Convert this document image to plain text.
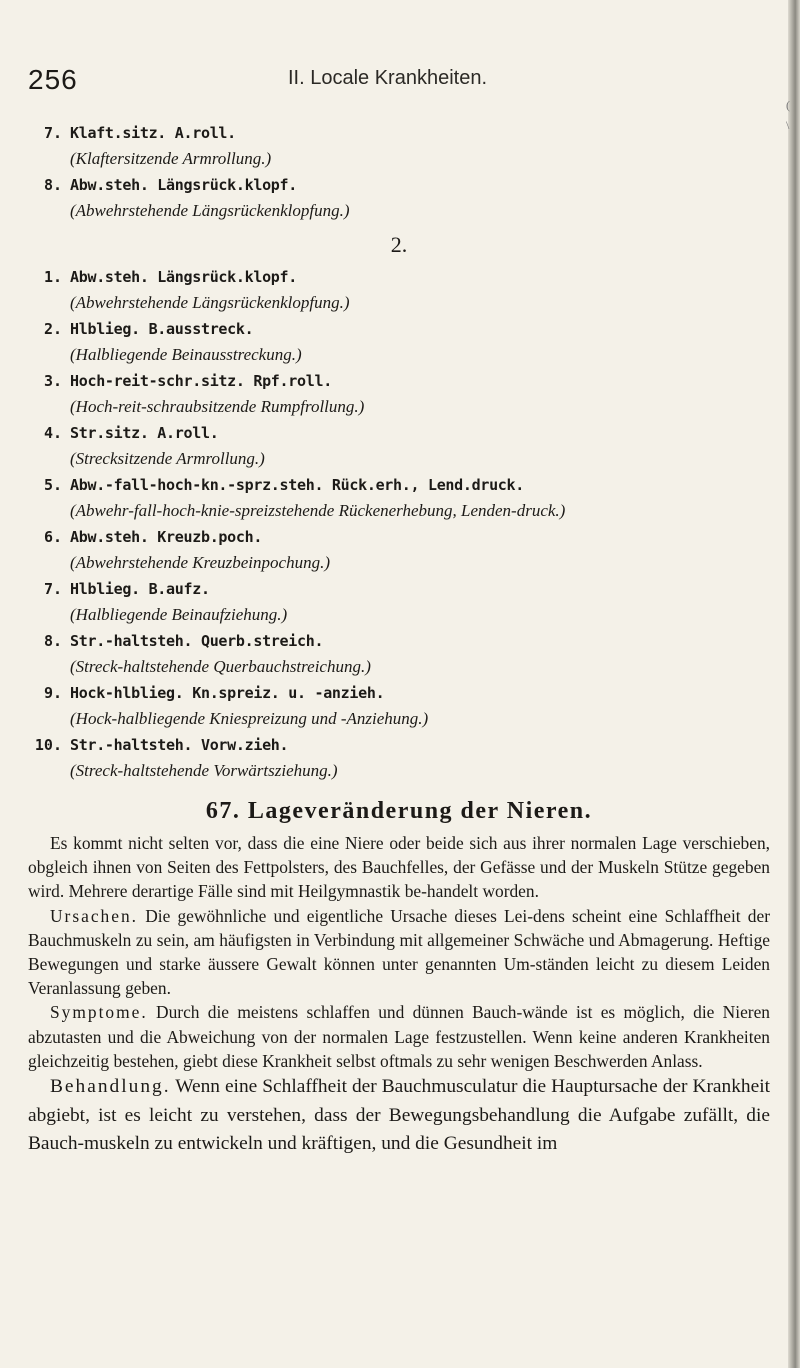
(
\
256	II. Locale Krankheiten.
7. Klaft.sitz. A.roll.
(Klaftersitzende Armrollung.)
8. Abw.steh. Längsrück.klopf.
(Abwehrstehende Längsrückenklopfung.)
2.
1. Abw.steh. Längsrück.klopf.
(Abwehrstehende Längsrückenklopfung.)
2. Hlblieg. B.ausstreck.
(Halbliegende Beinausstreckung.)
3. Hoch-reit-schr.sitz. Rpf.roll.
(Hoch-reit-schraubsitzende Rumpfrollung.)
4. Str.sitz. A.roll.
(Strecksitzende Armrollung.)
5. Abw.-fall-hoch-kn.-sprz.steh. Rück.erh., Lend.druck.
(Abwehr-fall-hoch-knie-spreizstehende Rückenerhebung, Lenden-druck.)
6. Abw.steh. Kreuzb.poch.
(Abwehrstehende Kreuzbeinpochung.)
7. Hlblieg. B.aufz.
(Halbliegende Beinaufziehung.)
8. Str.-haltsteh. Querb.streich.
(Streck-haltstehende Querbauchstreichung.)
9. Hock-hlblieg. Kn.spreiz. u. -anzieh.
(Hock-halbliegende Kniespreizung und -Anziehung.)
10. Str.-haltsteh. Vorw.zieh.
(Streck-haltstehende Vorwärtsziehung.)
67. Lageveränderung der Nieren.

Es kommt nicht selten vor, dass die eine Niere oder beide sich aus ihrer normalen Lage verschieben, obgleich ihnen von Seiten des Fettpolsters, des Bauchfelles, der Gefässe und der Muskeln Stütze gegeben wird. Mehrere derartige Fälle sind mit Heilgymnastik be-handelt worden.

Ursachen. Die gewöhnliche und eigentliche Ursache dieses Lei-dens scheint eine Schlaffheit der Bauchmuskeln zu sein, am häufigsten in Verbindung mit allgemeiner Schwäche und Abmagerung. Heftige Bewegungen und starke äussere Gewalt können unter genannten Um-ständen leicht zu diesem Leiden Veranlassung geben.

Symptome. Durch die meistens schlaffen und dünnen Bauch-wände ist es möglich, die Nieren abzutasten und die Abweichung von der normalen Lage festzustellen. Wenn keine anderen Krankheiten gleichzeitig bestehen, giebt diese Krankheit selbst oftmals zu sehr wenigen Beschwerden Anlass.

Behandlung. Wenn eine Schlaffheit der Bauchmusculatur die Hauptursache der Krankheit abgiebt, ist es leicht zu verstehen, dass der Bewegungsbehandlung die Aufgabe zufällt, die Bauch-muskeln zu entwickeln und kräftigen, und die Gesundheit im
